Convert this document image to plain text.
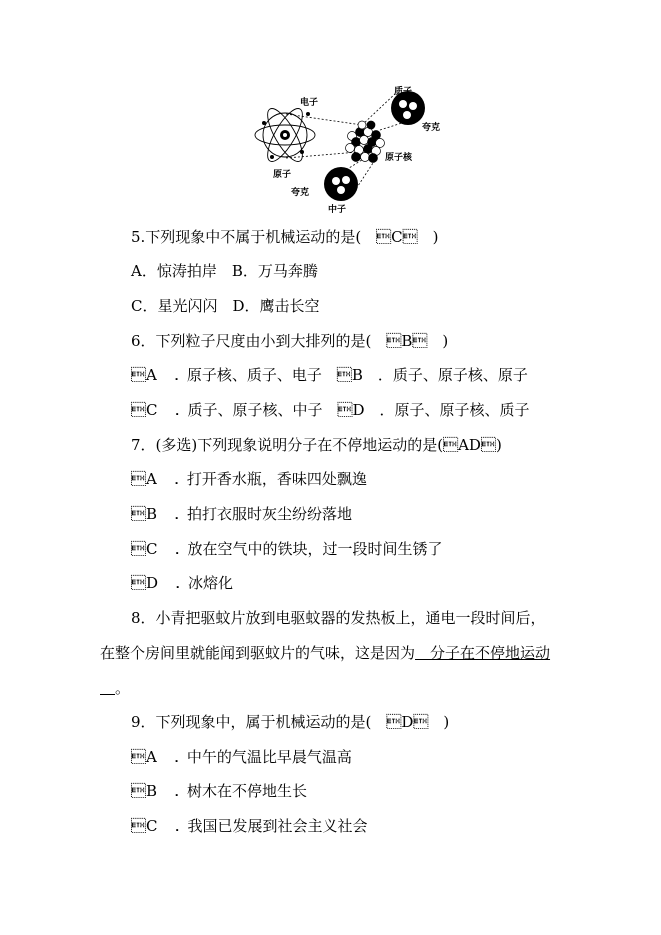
电子
质子
夸克
原子核
原子
夸克
中子
5.下列现象中不属于机械运动的是(　C　)
A．惊涛拍岸　B．万马奔腾
C．星光闪闪　D．鹰击长空
6．下列粒子尺度由小到大排列的是(　B　)
A　．原子核、质子、电子　B　．质子、原子核、原子
C　．质子、原子核、中子　D　．原子、原子核、质子
7．(多选)下列现象说明分子在不停地运动的是(AD)
A　．打开香水瓶，香味四处飘逸
B　．拍打衣服时灰尘纷纷落地
C　．放在空气中的铁块，过一段时间生锈了
D　．冰熔化
8．小青把驱蚊片放到电驱蚊器的发热板上，通电一段时间后，
在整个房间里就能闻到驱蚊片的气味，这是因为　分子在不停地运动
　。
9．下列现象中，属于机械运动的是(　D　)
A　．中午的气温比早晨气温高
B　．树木在不停地生长
C　．我国已发展到社会主义社会
